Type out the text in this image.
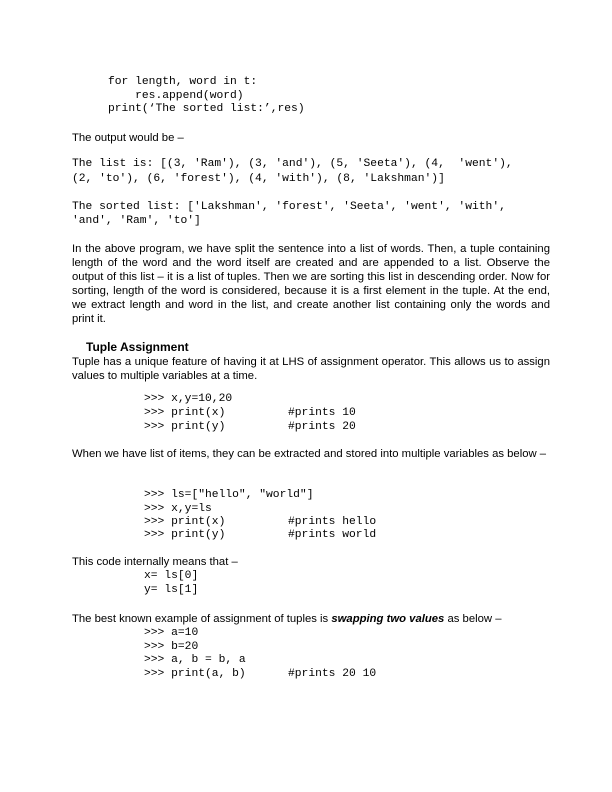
for length, word in t:
res.append(word)
print(‘The sorted list:’,res)
The output would be –
The list is: [(3, 'Ram'), (3, 'and'), (5, 'Seeta'), (4,  'went'),
(2, 'to'), (6, 'forest'), (4, 'with'), (8, 'Lakshman')]
The sorted list: ['Lakshman', 'forest', 'Seeta', 'went', 'with',
'and', 'Ram', 'to']
In the above program, we have split the sentence into a list of words. Then, a tuple containing length of the word and the word itself are created and are appended to a list. Observe the output of this list – it is a list of tuples. Then we are sorting this list in descending order. Now for sorting, length of the word is considered, because it is a first element in the tuple. At the end, we extract length and word in the list, and create another list containing only the words and print it.
Tuple Assignment
Tuple has a unique feature of having it at LHS of assignment operator. This allows us to assign values to multiple variables at a time.
>>> x,y=10,20
>>> print(x)	#prints 10
>>> print(y)	#prints 20
When we have list of items, they can be extracted and stored into multiple variables as below –
>>> ls=["hello", "world"]
>>> x,y=ls
>>> print(x)	#prints hello
>>> print(y)	#prints world
This code internally means that –
x= ls[0]
y= ls[1]
The best known example of assignment of tuples is swapping two values as below –
>>> a=10
>>> b=20
>>> a, b = b, a
>>> print(a, b)	#prints 20 10
